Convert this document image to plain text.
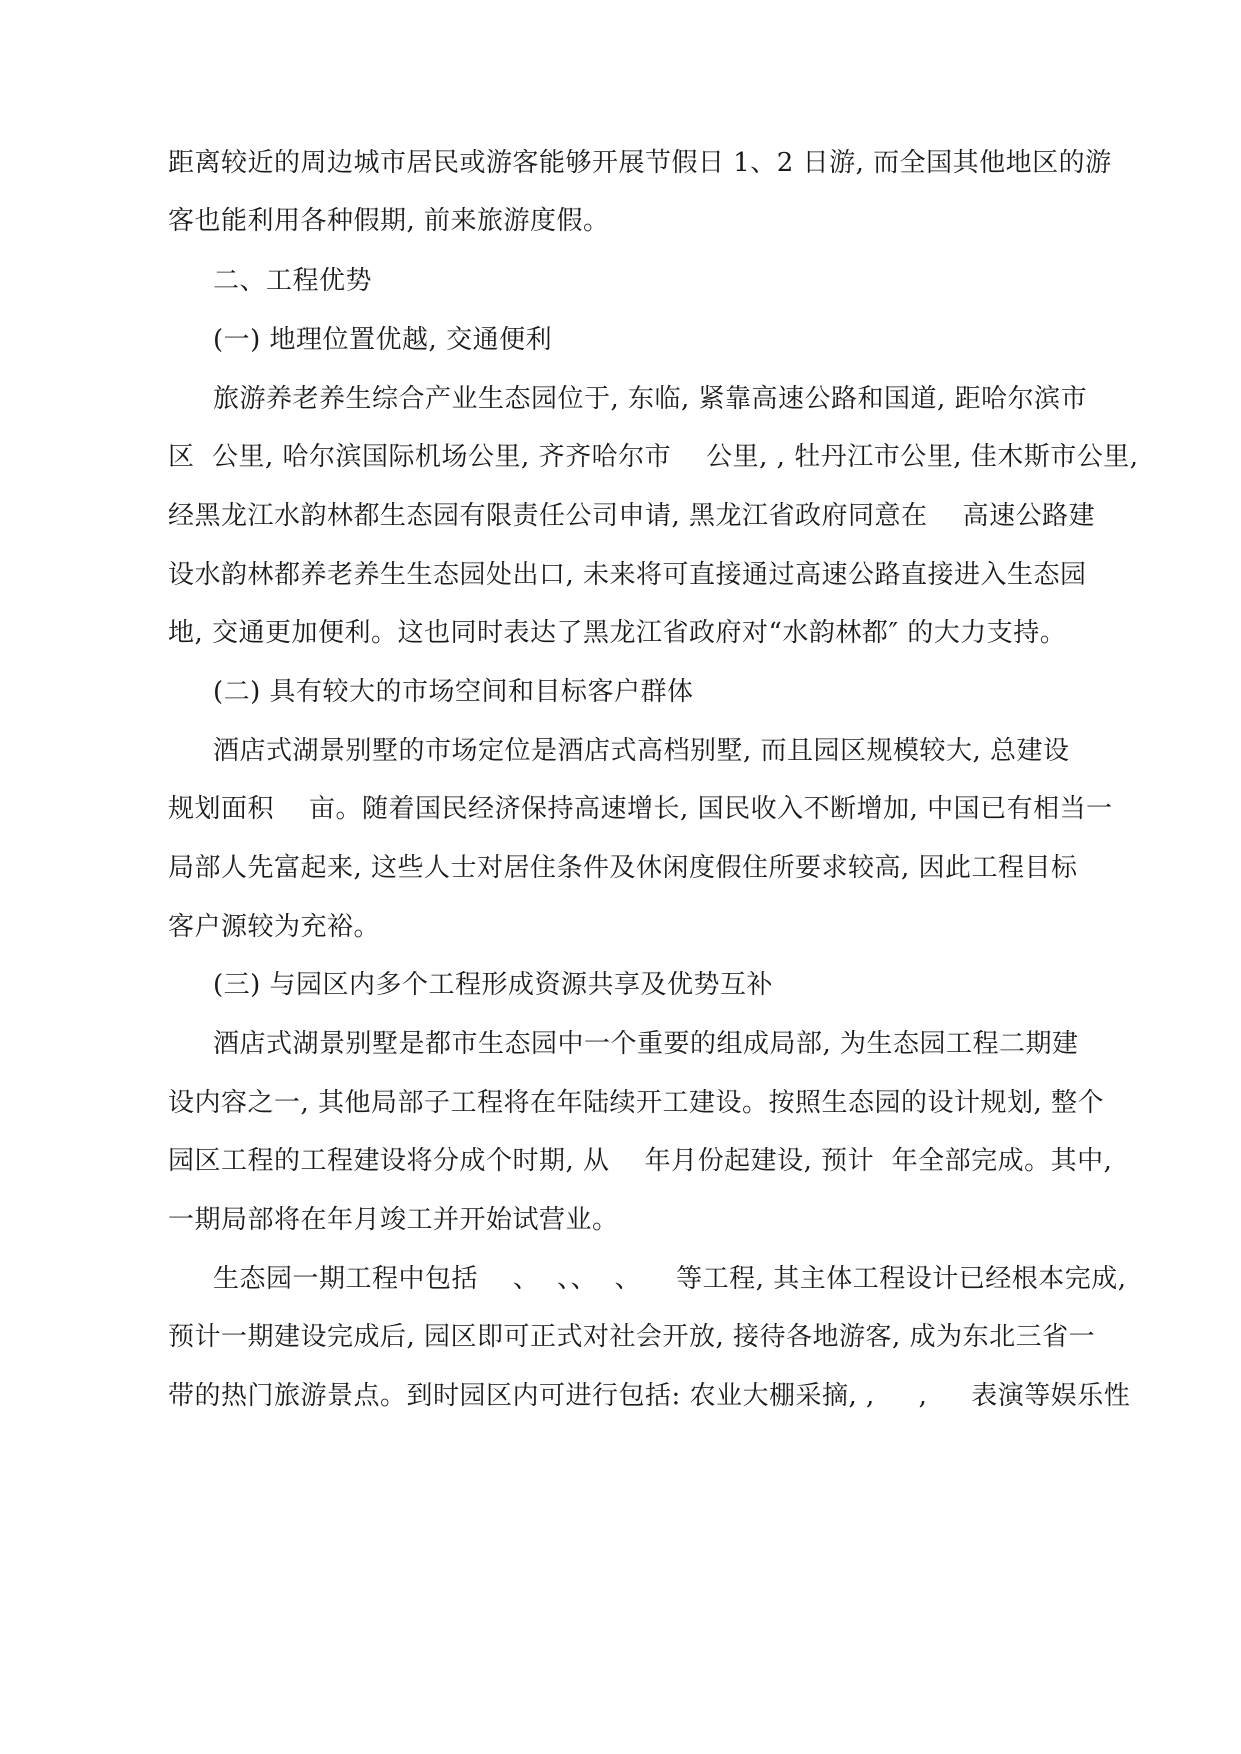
距离较近的周边城市居民或游客能够开展节假日 1、2 日游, 而全国其他地区的游
客也能利用各种假期, 前来旅游度假。
二、工程优势
(一) 地理位置优越, 交通便利
旅游养老养生综合产业生态园位于, 东临, 紧靠高速公路和国道, 距哈尔滨市
区  公里, 哈尔滨国际机场公里, 齐齐哈尔市    公里, , 牡丹江市公里, 佳木斯市公里,
经黑龙江水韵林都生态园有限责任公司申请, 黑龙江省政府同意在    高速公路建
设水韵林都养老养生生态园处出口, 未来将可直接通过高速公路直接进入生态园
地, 交通更加便利。这也同时表达了黑龙江省政府对“水韵林都″ 的大力支持。
(二) 具有较大的市场空间和目标客户群体
酒店式湖景别墅的市场定位是酒店式高档别墅, 而且园区规模较大, 总建设
规划面积    亩。随着国民经济保持高速增长, 国民收入不断增加, 中国已有相当一
局部人先富起来, 这些人士对居住条件及休闲度假住所要求较高, 因此工程目标
客户源较为充裕。
(三) 与园区内多个工程形成资源共享及优势互补
酒店式湖景别墅是都市生态园中一个重要的组成局部, 为生态园工程二期建
设内容之一, 其他局部子工程将在年陆续开工建设。按照生态园的设计规划, 整个
园区工程的工程建设将分成个时期, 从    年月份起建设, 预计  年全部完成。其中,
一期局部将在年月竣工并开始试营业。
生态园一期工程中包括    、  、、  、    等工程, 其主体工程设计已经根本完成,
预计一期建设完成后, 园区即可正式对社会开放, 接待各地游客, 成为东北三省一
带的热门旅游景点。到时园区内可进行包括: 农业大棚采摘, ,     ,     表演等娱乐性
